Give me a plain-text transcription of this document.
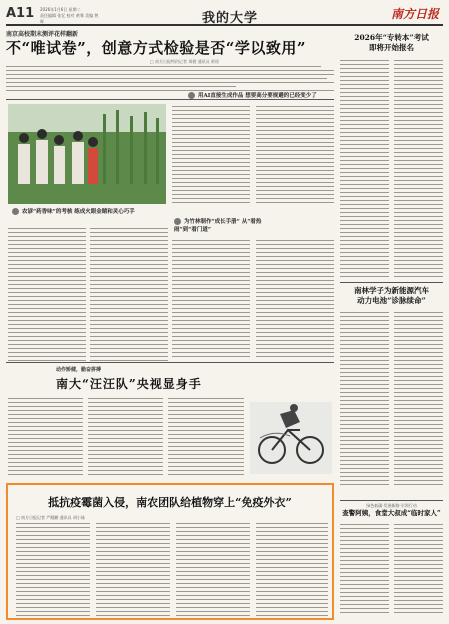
A11 2026年1月6日 星期二
责任编辑 张忆 校对 黄骞 美编 曾晖	我的大学	南方日报
南京高校期末测评花样翻新
不“唯试卷”，创意方式检验是否“学以致用”
□ 南方日报特约记者 周健 通讯员 黄瑶
用AI直接生成作品 想要高分要规避的已经变少了
农谚“药香味”的考核 练成火眼金睛和灵心巧手
为竹林制作“成长手册” 从“看热闹”到“看门道”
动作矫健，勤奋拼搏
南大“汪汪队”央视显身手
2026年“专转本”考试
即将开始报名
南林学子为新能源汽车
动力电池“诊脉续命”
绿色低碳·发展新路·引领行动
查警阿姨，食堂大叔成“临时家人”
抵抗疫霉菌入侵，南农团队给植物穿上“免疫外衣”
□ 南方日报记者 严鲲鹏 通讯员 胡小妹
